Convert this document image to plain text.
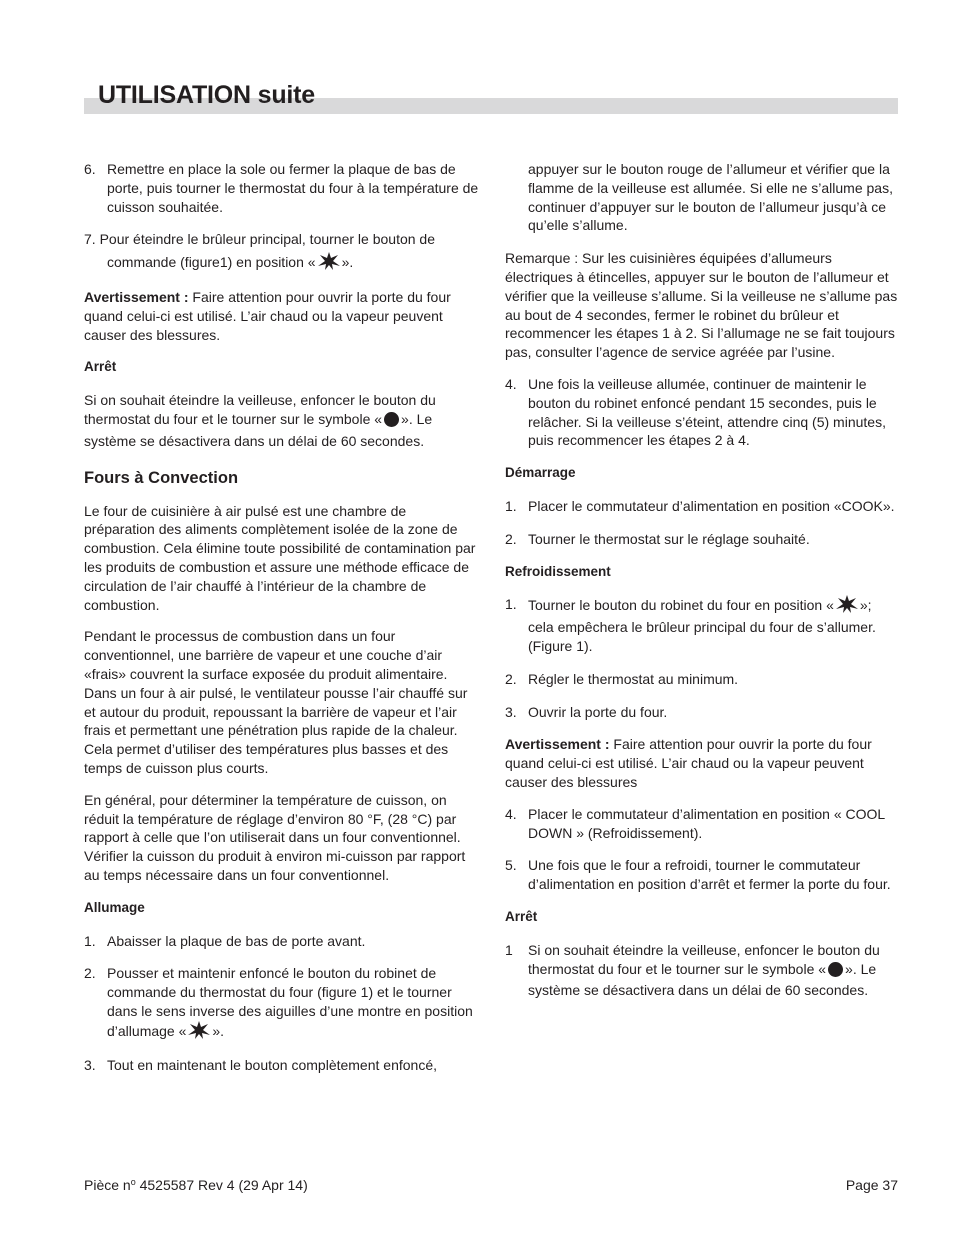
UTILISATION suite

6. Remettre en place la sole ou fermer la plaque de bas de porte, puis tourner le thermostat du four à la température de cuisson souhaitée.

7. Pour éteindre le brûleur principal, tourner le bouton de

commande (figure1) en position « ».

Avertissement : Faire attention pour ouvrir la porte du four quand celui-ci est utilisé. L’air chaud ou la vapeur peuvent causer des blessures.

Arrêt

Si on souhait éteindre la veilleuse, enfoncer le bouton du thermostat du four et le tourner sur le symbole « ». Le système se désactivera dans un délai de 60 secondes.

Fours à Convection

Le four de cuisinière à air pulsé est une chambre de préparation des aliments complètement isolée de la zone de combustion. Cela élimine toute possibilité de contamination par les produits de combustion et assure une méthode efficace de circulation de l’air chauffé à l’intérieur de la chambre de combustion.

Pendant le processus de combustion dans un four conventionnel, une barrière de vapeur et une couche d’air «frais» couvrent la surface exposée du produit alimentaire. Dans un four à air pulsé, le ventilateur pousse l’air chauffé sur et autour du produit, repoussant la barrière de vapeur et l’air frais et permettant une pénétration plus rapide de la chaleur. Cela permet d’utiliser des températures plus basses et des temps de cuisson plus courts.

En général, pour déterminer la température de cuisson, on réduit la température de réglage d’environ 80 °F, (28 °C) par rapport à celle que l’on utiliserait dans un four conventionnel. Vérifier la cuisson du produit à environ mi-cuisson par rapport au temps nécessaire dans un four conventionnel.

Allumage

1. Abaisser la plaque de bas de porte avant.

2. Pousser et maintenir enfoncé le bouton du robinet de commande du thermostat du four (figure 1) et le tourner dans le sens inverse des aiguilles d’une montre en position d’allumage « ».

3. Tout en maintenant le bouton complètement enfoncé,

appuyer sur le bouton rouge de l’allumeur et vérifier que la flamme de la veilleuse est allumée. Si elle ne s’allume pas, continuer d’appuyer sur le bouton de l’allumeur jusqu’à ce qu’elle s’allume.

Remarque : Sur les cuisinières équipées d’allumeurs électriques à étincelles, appuyer sur le bouton de l’allumeur et vérifier que la veilleuse s’allume. Si la veilleuse ne s’allume pas au bout de 4 secondes, fermer le robinet du brûleur et recommencer les étapes 1 à 2. Si l’allumage ne se fait toujours pas, consulter l’agence de service agréée par l’usine.

4. Une fois la veilleuse allumée, continuer de maintenir le bouton du robinet enfoncé pendant 15 secondes, puis le relâcher. Si la veilleuse s’éteint, attendre cinq (5) minutes, puis recommencer les étapes 2 à 4.

Démarrage

1. Placer le commutateur d’alimentation en position «COOK».

2. Tourner le thermostat sur le réglage souhaité.

Refroidissement

1. Tourner le bouton du robinet du four en position « »; cela empêchera le brûleur principal du four de s’allumer. (Figure 1).

2. Régler le thermostat au minimum.

3. Ouvrir la porte du four.

Avertissement : Faire attention pour ouvrir la porte du four quand celui-ci est utilisé. L’air chaud ou la vapeur peuvent causer des blessures

4. Placer le commutateur d’alimentation en position « COOL DOWN » (Refroidissement).

5. Une fois que le four a refroidi, tourner le commutateur d’alimentation en position d’arrêt et fermer la porte du four.

Arrêt

1 Si on souhait éteindre la veilleuse, enfoncer le bouton du thermostat du four et le tourner sur le symbole « ». Le système se désactivera dans un délai de 60 secondes.

Pièce $n^o$ 4525587 Rev 4 (29 Apr 14)	Page 37
